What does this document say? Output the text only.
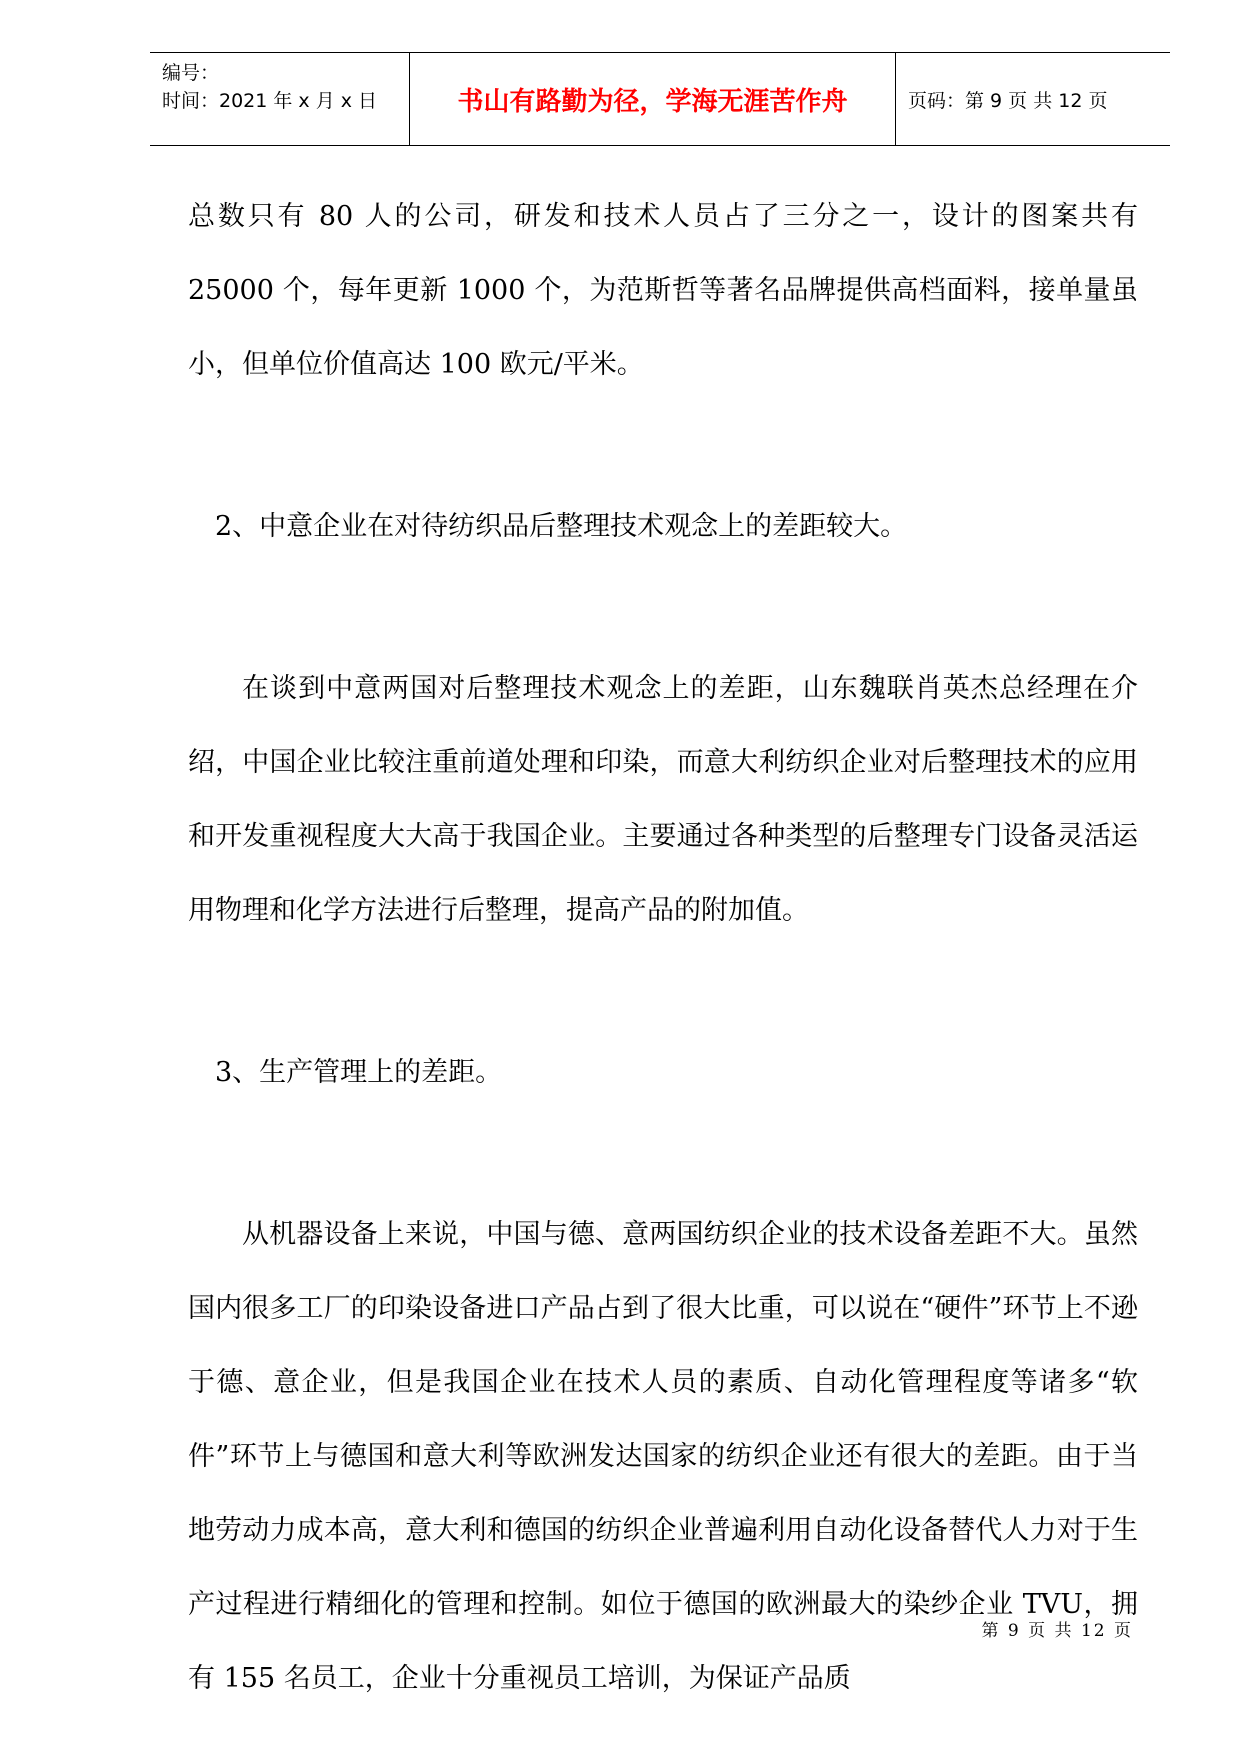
编号：
时间：2021 年 x 月 x 日	书山有路勤为径，学海无涯苦作舟	页码：第 9 页 共 12 页

总数只有 80 人的公司，研发和技术人员占了三分之一，设计的图案共有 25000 个，每年更新 1000 个，为范斯哲等著名品牌提供高档面料，接单量虽小，但单位价值高达 100 欧元/平米。

2、中意企业在对待纺织品后整理技术观念上的差距较大。

在谈到中意两国对后整理技术观念上的差距，山东魏联肖英杰总经理在介绍，中国企业比较注重前道处理和印染，而意大利纺织企业对后整理技术的应用和开发重视程度大大高于我国企业。主要通过各种类型的后整理专门设备灵活运用物理和化学方法进行后整理，提高产品的附加值。

3、生产管理上的差距。

从机器设备上来说，中国与德、意两国纺织企业的技术设备差距不大。虽然国内很多工厂的印染设备进口产品占到了很大比重，可以说在“硬件”环节上不逊于德、意企业，但是我国企业在技术人员的素质、自动化管理程度等诸多“软件”环节上与德国和意大利等欧洲发达国家的纺织企业还有很大的差距。由于当地劳动力成本高，意大利和德国的纺织企业普遍利用自动化设备替代人力对于生产过程进行精细化的管理和控制。如位于德国的欧洲最大的染纱企业 TVU，拥有 155 名员工，企业十分重视员工培训，为保证产品质

第 9 页 共 12 页
